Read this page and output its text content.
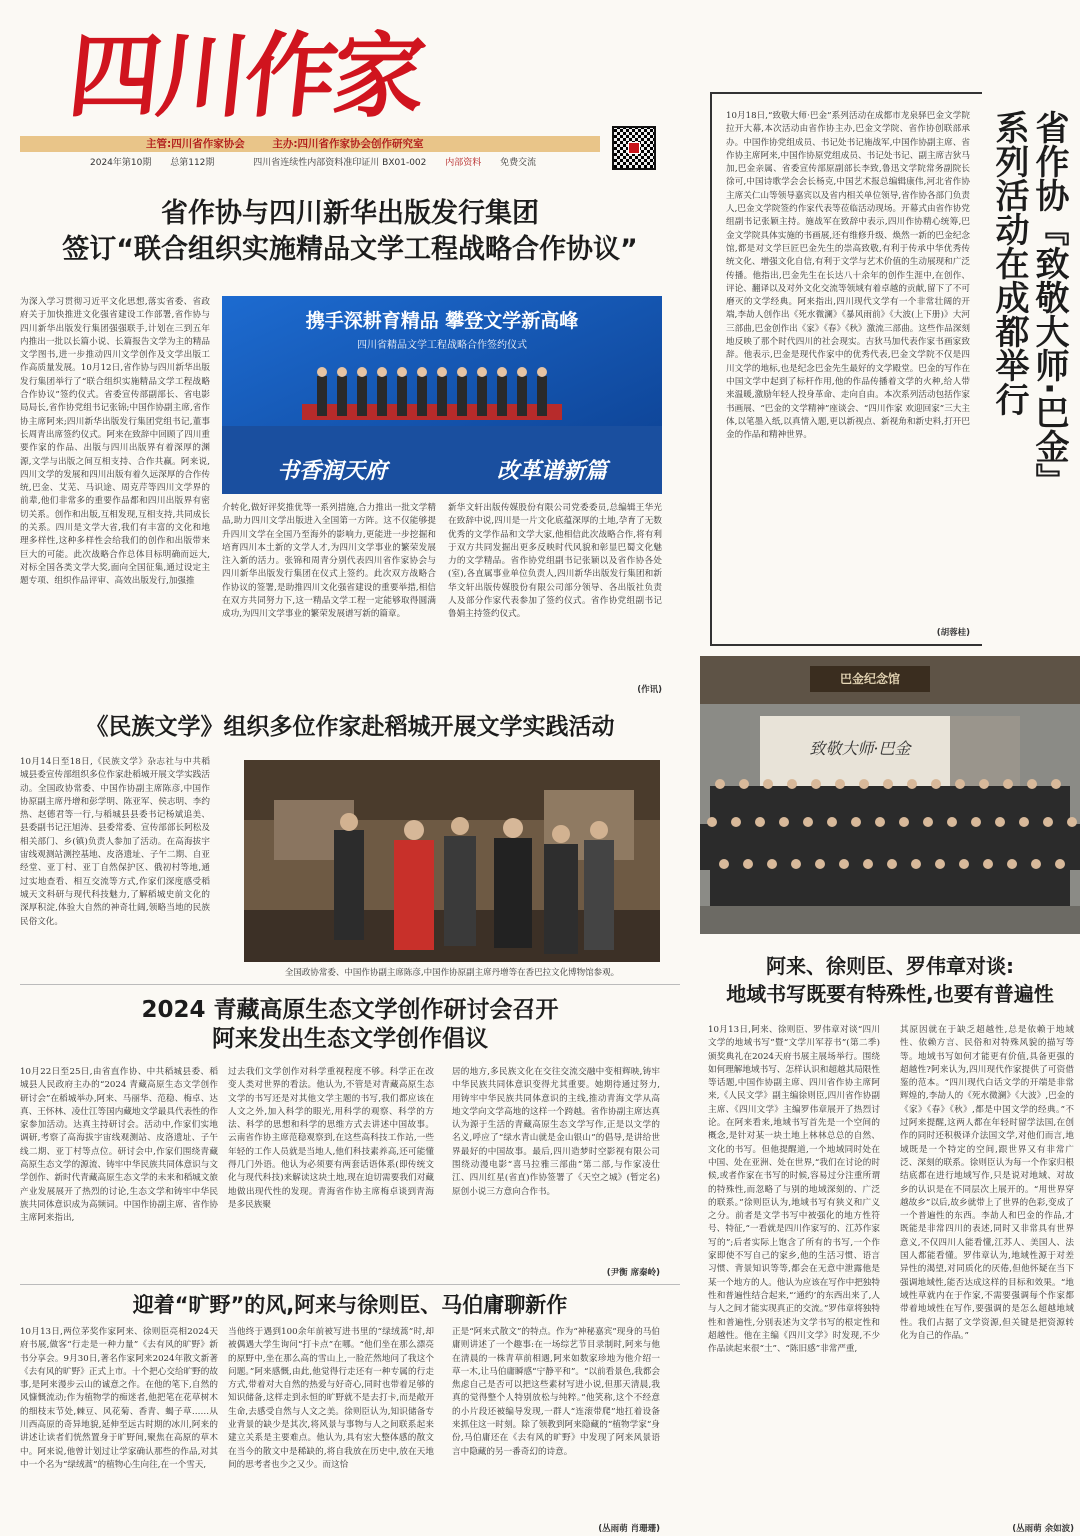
四川作家
主管:四川省作家协会	主办:四川省作家协会创作研究室
2024年第10期 总第112期	四川省连续性内部资料准印证川 BX01-002 内部资料 免费交流
省作协与四川新华出版发行集团
签订“联合组织实施精品文学工程战略合作协议”
为深入学习贯彻习近平文化思想,落实省委、省政府关于加快推进文化强省建设工作部署,省作协与四川新华出版发行集团强强联手,计划在三到五年内推出一批以长篇小说、长篇报告文学为主的精品文学图书,进一步推动四川文学创作及文学出版工作高质量发展。10月12日,省作协与四川新华出版发行集团举行了“联合组织实施精品文学工程战略合作协议”签约仪式。省委宣传部副部长、省电影局局长,省作协党组书记张锦;中国作协副主席,省作协主席阿来;四川新华出版发行集团党组书记,董事长周青出席签约仪式。阿来在致辞中回顾了四川重要作家的作品、出版与四川出版界有着深厚的渊源,文学与出版之间互相支持、合作共赢。阿来说,四川文学的发展和四川出版有着久远深厚的合作传统,巴金、艾芜、马识途、周克芹等四川文学界的前辈,他们非常多的重要作品都和四川出版界有密切关系。创作和出版,互相发现,互相支持,共同成长的关系。四川是文学大省,我们有丰富的文化和地理多样性,这种多样性会给我们的创作和出版带来巨大的可能。此次战略合作总体目标明确而远大,对标全国各类文学大奖,面向全国征集,通过设定主题专项、组织作品评审、高效出版发行,加强推
携手深耕育精品 攀登文学新高峰
四川省精品文学工程战略合作签约仪式
书香润天府	改革谱新篇
介转化,做好评奖推优等一系列措施,合力推出一批文学精品,助力四川文学出版进入全国第一方阵。这不仅能够提升四川文学在全国乃至海外的影响力,更能进一步挖掘和培育四川本土新的文学人才,为四川文学事业的繁荣发展注入新的活力。张锦和周青分别代表四川省作家协会与四川新华出版发行集团在仪式上签约。此次双方战略合作协议的签署,是助推四川文化强省建设的重要举措,相信在双方共同努力下,这一精品文学工程一定能够取得圆满成功,为四川文学事业的繁荣发展谱写新的篇章。
新华文轩出版传媒股份有限公司党委委员,总编辑王华光在致辞中说,四川是一片文化底蕴深厚的土地,孕育了无数优秀的文学作品和文学大家,他相信此次战略合作,将有利于双方共同发掘出更多反映时代风貌和彰显巴蜀文化魅力的文学精品。省作协党组副书记张颖以及省作协各处(室),各直属事业单位负责人,四川新华出版发行集团和新华文轩出版传媒股份有限公司部分领导、各出版社负责人及部分作家代表参加了签约仪式。省作协党组副书记鲁娟主持签约仪式。
(作讯)
10月18日,“致敬大师·巴金”系列活动在成都市龙泉驿巴金文学院拉开大幕,本次活动由省作协主办,巴金文学院、省作协创联部承办。中国作协党组成员、书记处书记施战军,中国作协副主席、省作协主席阿来,中国作协原党组成员、书记处书记、副主席吉狄马加,巴金亲属、省委宣传部原副部长李致,鲁迅文学院常务副院长徐可,中国诗歌学会会长杨克,中国艺术报总编辑康伟,河北省作协主席关仁山等领导嘉宾以及省内相关单位领导,省作协各部门负责人,巴金文学院签约作家代表等莅临活动现场。开幕式由省作协党组副书记张颖主持。施战军在致辞中表示,四川作协精心统筹,巴金文学院具体实施的书画展,还有维修升级、焕然一新的巴金纪念馆,都是对文学巨匠巴金先生的崇高致敬,有利于传承中华优秀传统文化、增强文化自信,有利于文学与艺术价值的生动展现和广泛传播。他指出,巴金先生在长达八十余年的创作生涯中,在创作、评论、翻译以及对外文化交流等领域有着卓越的贡献,留下了不可磨灭的文学经典。阿来指出,四川现代文学有一个非常壮阔的开端,李劼人创作出《死水微澜》《暴风雨前》《大波(上下册)》大河三部曲,巴金创作出《家》《春》《秋》激流三部曲。这些作品深刻地反映了那个时代四川的社会现实。吉狄马加代表作家书画家致辞。他表示,巴金是现代作家中的优秀代表,巴金文学院不仅是四川文学的地标,也是纪念巴金先生最好的文学殿堂。巴金的写作在中国文学中起到了标杆作用,他的作品传播着文学的火种,给人带来温暖,激励年轻人投身革命、走向自由。本次系列活动包括作家书画展、“巴金的文学精神”座谈会、“四川作家 欢迎回家”三大主体,以笔墨入纸,以真情入题,更以新视点、新视角和新史料,打开巴金的作品和精神世界。
(胡蓉桂)
省作协『致敬大师·巴金』
系列活动在成都举行
巴金纪念馆
致敬大师·巴金
《民族文学》组织多位作家赴稻城开展文学实践活动
10月14日至18日,《民族文学》杂志社与中共稻城县委宣传部组织多位作家赴稻城开展文学实践活动。全国政协常委、中国作协副主席陈彦,中国作协原副主席丹增和彭学明、陈亚军、侯志明、李约热、赵德君等一行,与稻城县县委书记杨斌追美、县委副书记汪旭涛、县委常委、宣传部部长阿松及相关部门、乡(镇)负责人参加了活动。在高海拔宇宙线观测站测控基地、皮洛遗址、子午二期、自亚经堂、亚丁村、亚丁自然保护区、俄初村等地,通过实地查看、相互交流等方式,作家们深度感受稻城天文科研与现代科技魅力,了解稻城史前文化的深厚积淀,体验大自然的神奇壮阔,领略当地的民族民俗文化。
全国政协常委、中国作协副主席陈彦,中国作协原副主席丹增等在香巴拉文化博物馆参观。
2024 青藏高原生态文学创作研讨会召开
阿来发出生态文学创作倡议
10月22日至25日,由省直作协、中共稻城县委、稻城县人民政府主办的“2024 青藏高原生态文学创作研讨会”在稻城举办,阿来、马丽华、范稳、梅卓、达真、王怀林、凌仕江等国内藏地文学最具代表性的作家参加活动。达真主持研讨会。活动中,作家们实地调研,考察了高海拔宇宙线观测站、皮洛遗址、子午线二期、亚丁村等点位。研讨会中,作家们围绕青藏高原生态文学的源流、铸牢中华民族共同体意识与文学创作、新时代青藏高原生态文学的未来和稻城文旅产业发展展开了热烈的讨论,生态文学和铸牢中华民族共同体意识成为高频词。中国作协副主席、省作协主席阿来指出,
过去我们文学创作对科学重视程度不够。科学正在改变人类对世界的看法。他认为,不管是对青藏高原生态文学的书写还是对其他文学主题的书写,我们都应该在人文之外,加入科学的眼光,用科学的观察、科学的方法、科学的思想和科学的思维方式去讲述中国故事。云南省作协主席范稳观察到,在这些高科技工作站,一些年轻的工作人员就是当地人,他们科技素养高,还可能懂得几门外语。他认为必须要有两套话语体系(即传统文化与现代科技)来解读这块土地,现在迫切需要我们对藏地做出现代性的发现。青海省作协主席梅卓谈到青海是多民族聚
居的地方,多民族文化在交往交流交融中变相辉映,铸牢中华民族共同体意识变得尤其重要。她期待通过努力,用铸牢中华民族共同体意识的主线,推动青海文学从高地文学向文学高地的这样一个跨越。省作协副主席达真认为源于生活的青藏高原生态文学写作,正是以文学的名义,呼应了“绿水青山就是金山银山”的倡导,是讲给世界最好的中国故事。最后,四川造梦时空影视有限公司围绕动漫电影“喜马拉雅三部曲”第二部,与作家凌仕江、四川红星(省直)作协签署了《天空之城》(暂定名)原创小说三方意向合作书。
(尹衡 席秦岭)
迎着“旷野”的风,阿来与徐则臣、马伯庸聊新作
10月13日,两位茅奖作家阿来、徐则臣亮相2024天府书展,做客“行走是一种力量”《去有风的旷野》新书分享会。9月30日,著名作家阿来2024年散文新著《去有风的旷野》正式上市。十个把心交给旷野的故事,是阿来漫步云山的诚意之作。在他的笔下,自然的风慷慨流动;作为植物学的痴迷者,他把笔在花草树木的细枝末节处,棘豆、风花菊、香青、蝎子草……从川西高原的奇异地貌,延伸至远古时期的冰川,阿来的讲述让读者们恍然置身于旷野间,聚焦在高原的草木中。阿来说,他曾计划过让学家确认那些的作品,对其中一个名为“绿绒蒿”的植物心生向往,在一个雪天,
当他终于遇到100余年前被写进书里的“绿绒蒿”时,却被偶遇大学生询问“打卡点”在哪。“他们坐在那么漂亮的原野中,坐在那么高的雪山上,一脸茫然地问了我这个问题。”阿来感慨,由此,他觉得行走还有一种专属的行走方式,带着对大自然的热爱与好奇心,同时也带着足够的知识储备,这样走到永恒的旷野就不是去打卡,而是敞开生命,去感受自然与人文之美。徐则臣认为,知识储备专业背景的缺少是其次,将风景与事物与人之间联系起来建立关系是主要难点。他认为,具有宏大整体感的散文在当今的散文中是稀缺的,将自我放在历史中,放在天地间的思考者也少之又少。而这恰
正是“阿来式散文”的特点。作为“神秘嘉宾”现身的马伯庸则讲述了一个趣事:在一场综艺节目录制时,阿来与他在清晨的一株青草前相遇,阿来如数家珍地为他介绍一草一木,让马伯庸瞬感“宁静平和”。“以前看景色,我都会焦虑自己是否可以把这些素材写进小说,但那天清晨,我真的觉得整个人特别放松与纯粹。”他笑称,这个不经意的小片段还被编导发现,一群人“连滚带爬”地扛着设备来抓住这一时刻。除了领教到阿来隐藏的“植物学家”身份,马伯庸还在《去有风的旷野》中发现了阿来风景语言中隐藏的另一番奇幻的诗意。
(丛雨萌 肖珊珊)
阿来、徐则臣、罗伟章对谈:
地域书写既要有特殊性,也要有普遍性
10月13日,阿来、徐则臣、罗伟章对谈“四川文学的地域书写”暨“文学川军荐书”(第二季)颁奖典礼在2024天府书展主展场举行。围绕如何理解地域书写、怎样认识和超越其局限性等话题,中国作协副主席、四川省作协主席阿来,《人民文学》副主编徐则臣,四川省作协副主席、《四川文学》主编罗伟章展开了热烈讨论。在阿来看来,地域书写首先是一个空间的概念,是针对某一块土地上林林总总的自然、文化的书写。但他提醒道,一个地域同时处在中国、处在亚洲、处在世界,“我们在讨论的时候,或者作家在书写的时候,容易过分注重所谓的特殊性,而忽略了与别的地域深刻的、广泛的联系。”徐则臣认为,地域书写有狭义和广义之分。前者是文学书写中被强化的地方性符号、特征,“一看就是四川作家写的、江苏作家写的”;后者实际上饱含了所有的书写,一个作家即使不写自己的家乡,他的生活习惯、语言习惯、背景知识等等,都会在无意中泄露他是某一个地方的人。他认为应该在写作中把独特性和普遍性结合起来,“‘通约’的东西出来了,人与人之间才能实现真正的交流。”罗伟章将独特性和普遍性,分别表述为文学书写的根定性和超越性。他在主编《四川文学》时发现,不少作品读起来很“土”、“陈旧感”非常严重,
其原因就在于缺乏超越性,总是依赖于地域性、依赖方言、民俗和对特殊风貌的描写等等。地域书写如何才能更有价值,具备更强的超越性?阿来认为,四川现代作家提供了可资借鉴的范本。“四川现代白话文学的开端是非常辉煌的,李劼人的《死水微澜》《大波》,巴金的《家》《春》《秋》,都是中国文学的经典。”不过阿来提醒,这两人都在年轻时留学法国,在创作的同时还积极译介法国文学,对他们而言,地域既是一个特定的空间,跟世界又有非常广泛、深刻的联系。徐则臣认为每一个作家归根结底都在进行地域写作,只是说对地域、对故乡的认识是在不同层次上展开的。“用世界穿越故乡”以后,故乡就带上了世界的色彩,变成了一个普遍性的东西。李劼人和巴金的作品,才既能是非常四川的表述,同时又非常具有世界意义,不仅四川人能看懂,江苏人、美国人、法国人都能看懂。罗伟章认为,地域性源于对差异性的渴望,对同质化的厌倦,但他怀疑在当下强调地域性,能否达成这样的目标和效果。“地域性草就内在于作家,不需要强调每个作家都带着地域性在写作,要强调的是怎么超越地域性。我们占据了文学资源,但关键是把资源转化为自己的作品。”
(丛雨萌 余如波)
